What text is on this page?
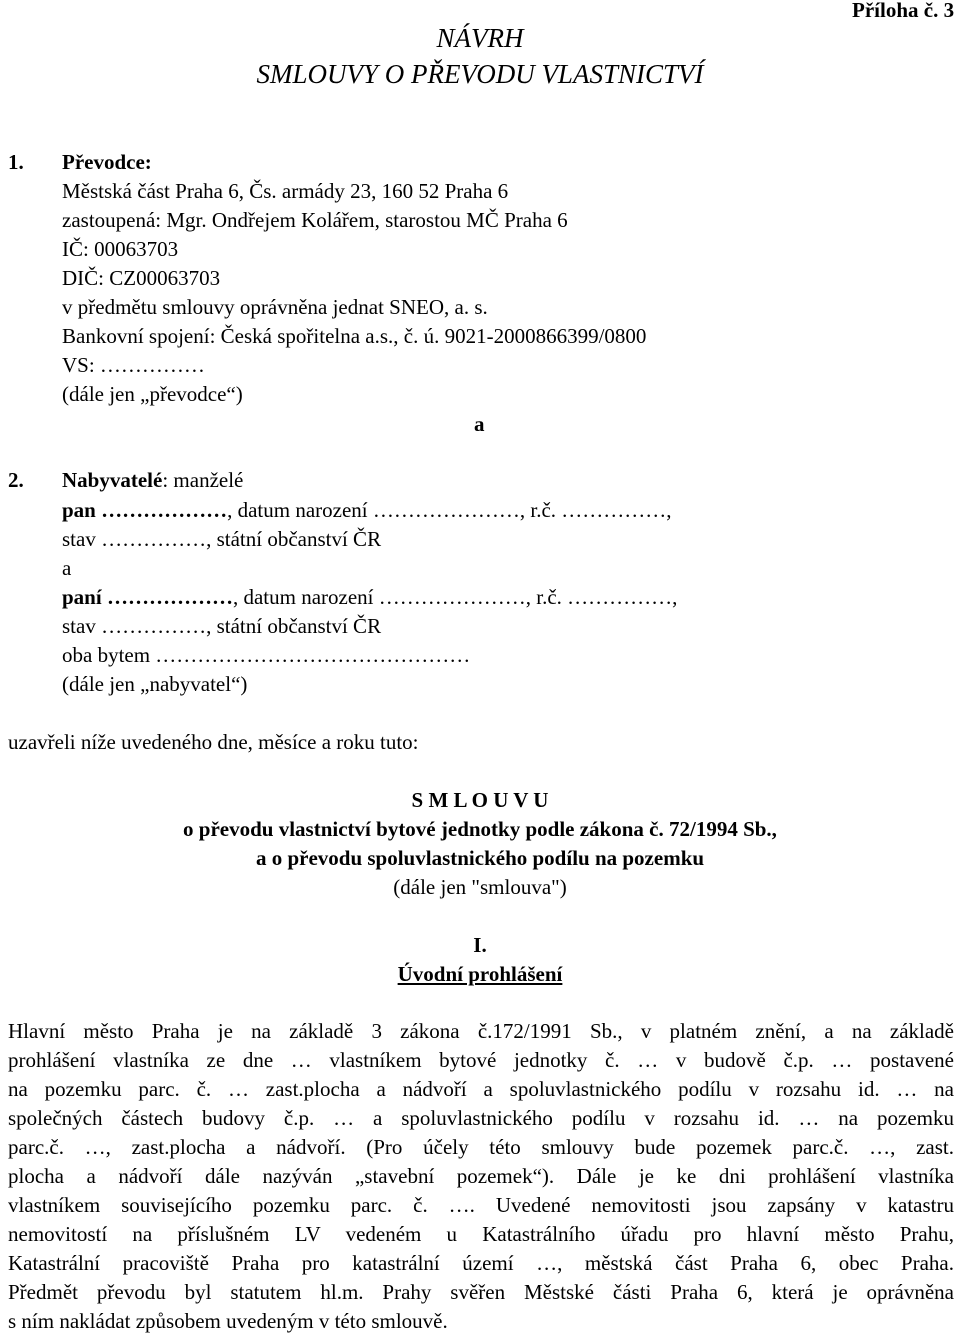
Příloha č. 3
NÁVRH
SMLOUVY O PŘEVODU VLASTNICTVÍ
1. Převodce:
Městská část Praha 6, Čs. armády 23, 160 52 Praha 6
zastoupená: Mgr. Ondřejem Kolářem, starostou MČ Praha 6
IČ: 00063703
DIČ: CZ00063703
v předmětu smlouvy oprávněna jednat SNEO, a. s.
Bankovní spojení: Česká spořitelna a.s., č. ú. 9021-2000866399/0800
VS: ……………
(dále jen „převodce“)
a
2. Nabyvatelé: manželé
pan ………………, datum narození …………………, r.č. ……………,
stav ……………, státní občanství ČR
a
paní ………………, datum narození …………………, r.č. ……………,
stav ……………, státní občanství ČR
oba bytem ………………………………………
(dále jen „nabyvatel“)
uzavřeli níže uvedeného dne, měsíce a roku tuto:
S M L O U V U
o převodu vlastnictví bytové jednotky podle zákona č. 72/1994 Sb.,
a o převodu spoluvlastnického podílu na pozemku
(dále jen "smlouva")
I.
Úvodní prohlášení
Hlavní město Praha je na základě 3 zákona č.172/1991 Sb., v platném znění, a na základě
prohlášení vlastníka ze dne … vlastníkem bytové jednotky č. … v budově č.p. … postavené
na pozemku parc. č. … zast.plocha a nádvoří a spoluvlastnického podílu v rozsahu id. … na
společných částech budovy č.p. … a spoluvlastnického podílu v rozsahu id. … na pozemku
parc.č. …, zast.plocha a nádvoří. (Pro účely této smlouvy bude pozemek parc.č. …, zast.
plocha a nádvoří dále nazýván „stavební pozemek“). Dále je ke dni prohlášení vlastníka
vlastníkem souvisejícího pozemku parc. č. …. Uvedené nemovitosti jsou zapsány v katastru
nemovitostí na příslušném LV vedeném u Katastrálního úřadu pro hlavní město Prahu,
Katastrální pracoviště Praha pro katastrální území …, městská část Praha 6, obec Praha.
Předmět převodu byl statutem hl.m. Prahy svěřen Městské části Praha 6, která je oprávněna
s ním nakládat způsobem uvedeným v této smlouvě.
